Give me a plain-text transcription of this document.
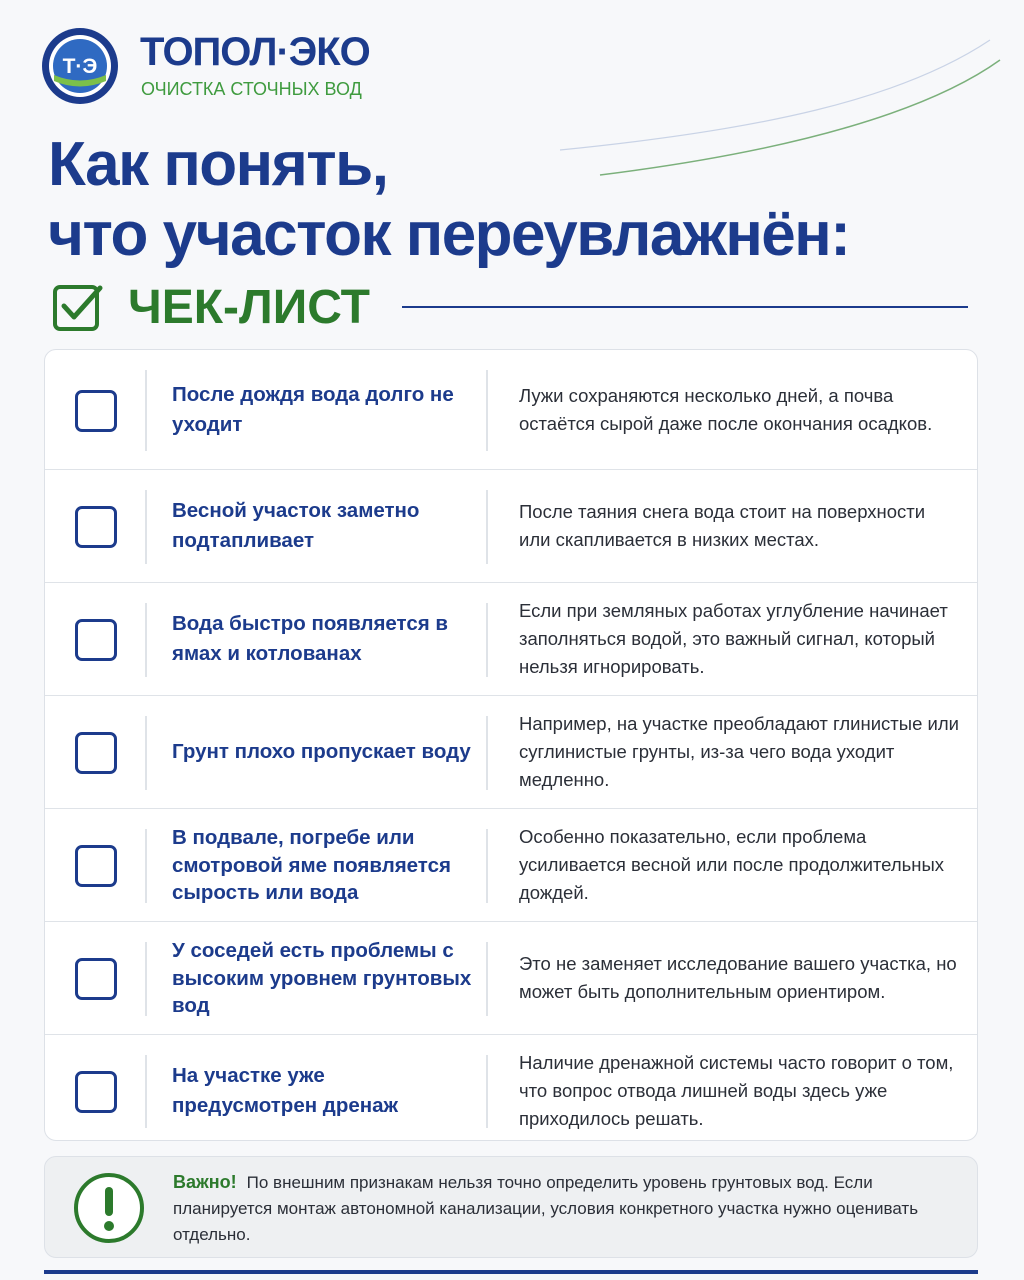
Т·Э ТОПОЛ·ЭКО
ОЧИСТКА СТОЧНЫХ ВОД
Как понять,
что участок переувлажнён:
ЧЕК-ЛИСТ
После дождя вода долго не уходит
Лужи сохраняются несколько дней, а почва остаётся сырой даже после окончания осадков.
Весной участок заметно подтапливает
После таяния снега вода стоит на поверхности или скапливается в низких местах.
Вода быстро появляется в ямах и котлованах
Если при земляных работах углубление начинает заполняться водой, это важный сигнал, который нельзя игнорировать.
Грунт плохо пропускает воду
Например, на участке преобладают глинистые или суглинистые грунты, из-за чего вода уходит медленно.
В подвале, погребе или смотровой яме появляется сырость или вода
Особенно показательно, если проблема усиливается весной или после продолжительных дождей.
У соседей есть проблемы с высоким уровнем грунтовых вод
Это не заменяет исследование вашего участка, но может быть дополнительным ориентиром.
На участке уже предусмотрен дренаж
Наличие дренажной системы часто говорит о том, что вопрос отвода лишней воды здесь уже приходилось решать.
Важно! По внешним признакам нельзя точно определить уровень грунтовых вод. Если планируется монтаж автономной канализации, условия конкретного участка нужно оценивать отдельно.
